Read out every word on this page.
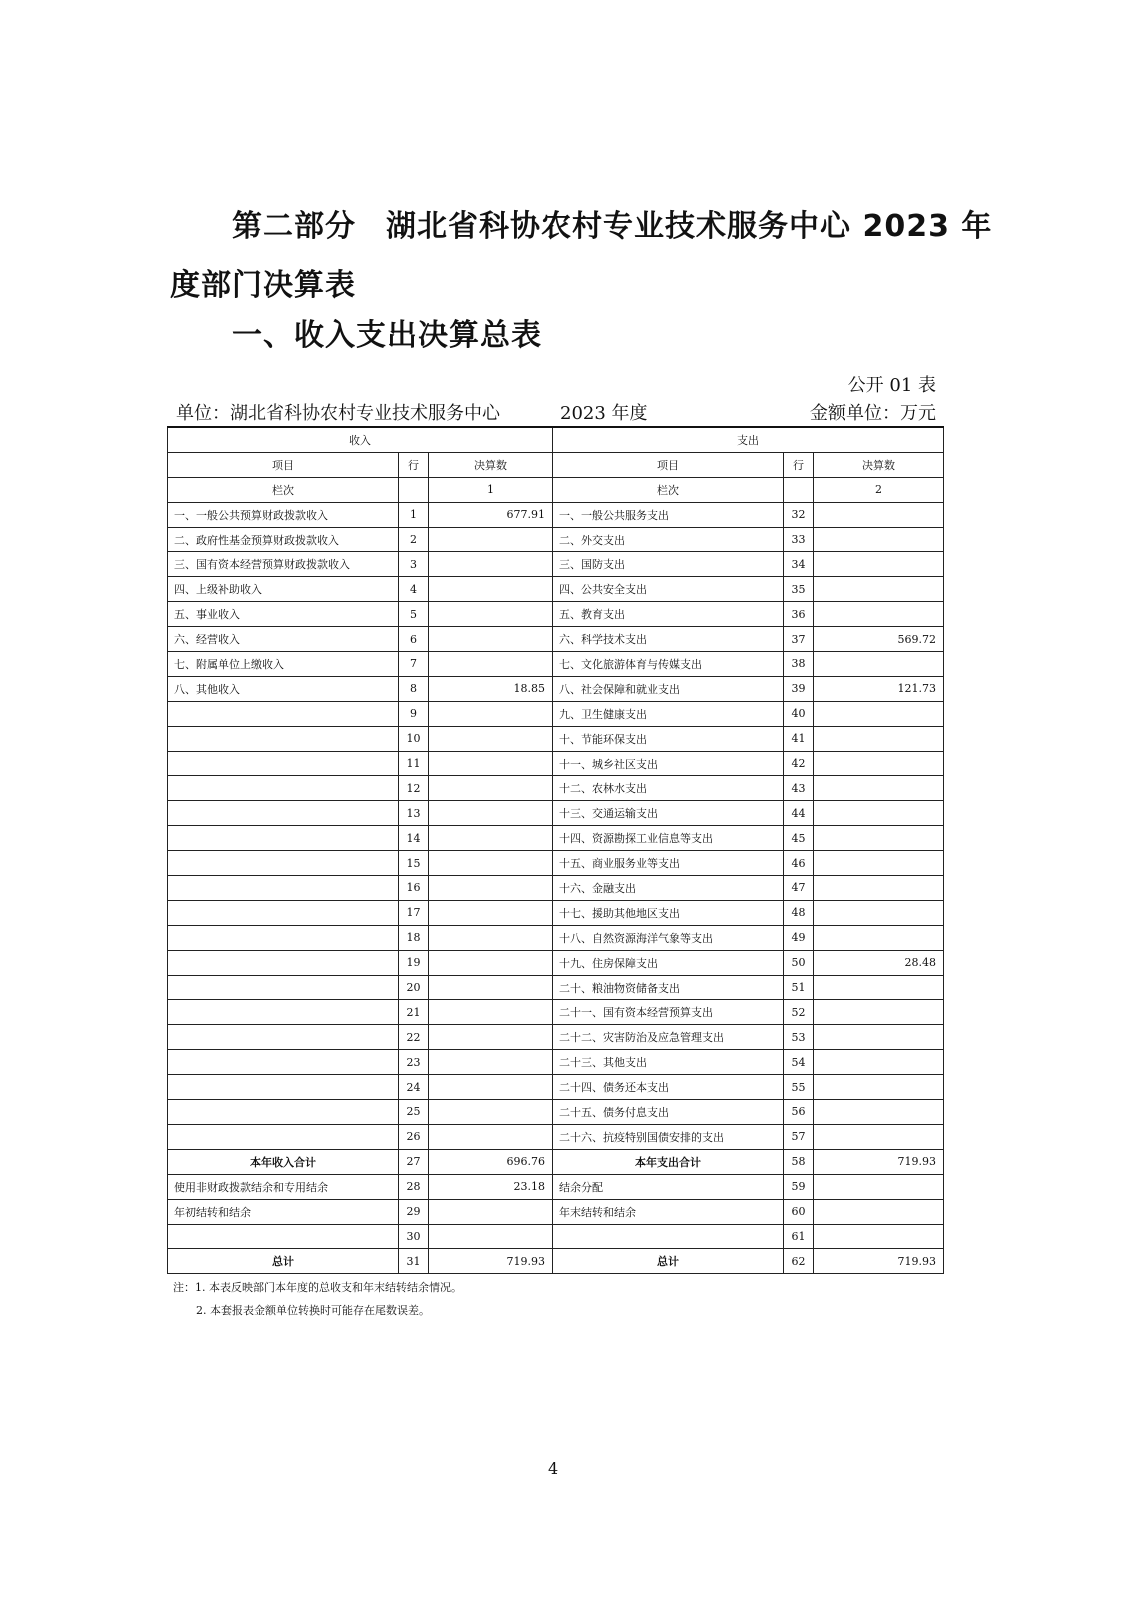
第二部分 湖北省科协农村专业技术服务中心 2023 年
度部门决算表
一、收入支出决算总表
公开 01 表
单位：湖北省科协农村专业技术服务中心	2023 年度	金额单位：万元
收入			支出		
项目	行	决算数	项目	行	决算数
栏次		1	栏次		2
一、一般公共预算财政拨款收入	1	677.91	一、一般公共服务支出	32	
二、政府性基金预算财政拨款收入	2		二、外交支出	33	
三、国有资本经营预算财政拨款收入	3		三、国防支出	34	
四、上级补助收入	4		四、公共安全支出	35	
五、事业收入	5		五、教育支出	36	
六、经营收入	6		六、科学技术支出	37	569.72
七、附属单位上缴收入	7		七、文化旅游体育与传媒支出	38	
八、其他收入	8	18.85	八、社会保障和就业支出	39	121.73
	9		九、卫生健康支出	40	
	10		十、节能环保支出	41	
	11		十一、城乡社区支出	42	
	12		十二、农林水支出	43	
	13		十三、交通运输支出	44	
	14		十四、资源勘探工业信息等支出	45	
	15		十五、商业服务业等支出	46	
	16		十六、金融支出	47	
	17		十七、援助其他地区支出	48	
	18		十八、自然资源海洋气象等支出	49	
	19		十九、住房保障支出	50	28.48
	20		二十、粮油物资储备支出	51	
	21		二十一、国有资本经营预算支出	52	
	22		二十二、灾害防治及应急管理支出	53	
	23		二十三、其他支出	54	
	24		二十四、债务还本支出	55	
	25		二十五、债务付息支出	56	
	26		二十六、抗疫特别国债安排的支出	57	
本年收入合计	27	696.76	本年支出合计	58	719.93
使用非财政拨款结余和专用结余	28	23.18	结余分配	59	
年初结转和结余	29		年末结转和结余	60	
	30			61	
总计	31	719.93	总计	62	719.93
注：1. 本表反映部门本年度的总收支和年末结转结余情况。
2. 本套报表金额单位转换时可能存在尾数误差。
4
